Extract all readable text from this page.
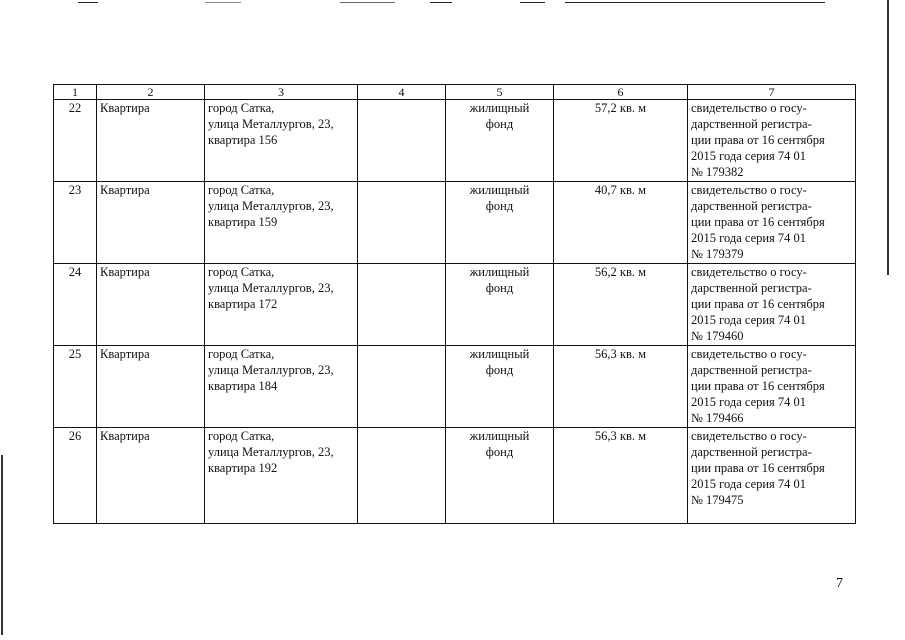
1	2	3	4	5	6	7
22	Квартира	город Сатка,
улица Металлургов, 23,
квартира 156		жилищный
фонд	57,2 кв. м	свидетельство о госу-
дарственной регистра-
ции права от 16 сентября
2015 года серия 74 01
№ 179382

23	Квартира	город Сатка,
улица Металлургов, 23,
квартира 159		жилищный
фонд	40,7 кв. м	свидетельство о госу-
дарственной регистра-
ции права от 16 сентября
2015 года серия 74 01
№ 179379

24	Квартира	город Сатка,
улица Металлургов, 23,
квартира 172		жилищный
фонд	56,2 кв. м	свидетельство о госу-
дарственной регистра-
ции права от 16 сентября
2015 года серия 74 01
№ 179460

25	Квартира	город Сатка,
улица Металлургов, 23,
квартира 184		жилищный
фонд	56,3 кв. м	свидетельство о госу-
дарственной регистра-
ции права от 16 сентября
2015 года серия 74 01
№ 179466

26	Квартира	город Сатка,
улица Металлургов, 23,
квартира 192		жилищный
фонд	56,3 кв. м	свидетельство о госу-
дарственной регистра-
ции права от 16 сентября
2015 года серия 74 01
№ 179475
7
